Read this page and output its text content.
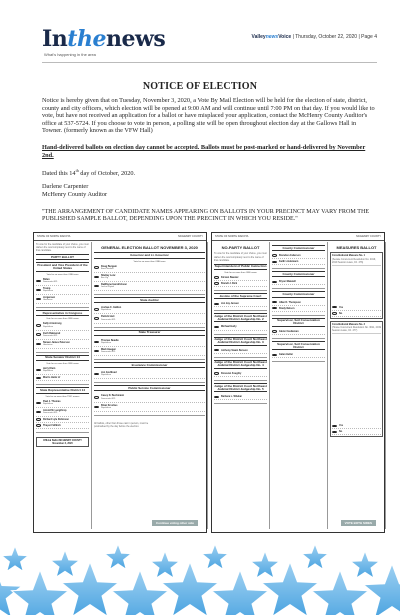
Inthenews
What's happening in the area
ValleynewsVoice | Thursday, October 22, 2020 | Page 4
NOTICE OF ELECTION
Notice is hereby given that on Tuesday, November 3, 2020, a Vote By Mail Election will be held for the election of state, district, county and city officers, which election will be opened at 9:00 AM and will continue until 7:00 PM on that day. If you would like to vote, but have not received an application for a ballot or have misplaced your application, contact the McHenry County Auditor's office at 537-5724. If you choose to vote in person, a polling site will be open throughout election day at the Gallows Hall in Towner. (formerly known as the VFW Hall)
Hand-delivered ballots on election day cannot be accepted. Ballots must be post-marked or hand-delivered by November 2nd.
Dated this 14th day of October, 2020.
Darlene Carpenter
McHenry County Auditor
"THE ARRANGEMENT OF CANDIDATE NAMES APPEARING ON BALLOTS IN YOUR PRECINCT MAY VARY FROM THE PUBLISHED SAMPLE BALLOT, DEPENDING UPON THE PRECINCT IN WHICH YOU RESIDE."
STATE OF NORTH DAKOTA	MCHENRY COUNTY
To vote for the candidate of your choice, you must darken the oval completely next to the name of that candidate.
PARTY BALLOT
President and Vice President of the United States
Vote for no more than ONE team
Biden
Democratic-NPL
Trump
Republican
Jorgensen
Libertarian
Representative in Congress
Vote for no more than ONE name
Kelly Armstrong
Republican
Zach Raknerud
Democratic-NPL
Steven James Peterson
Libertarian
State Senator District 14
Vote for no more than ONE name
Jerry Klein
Republican
Morris Heinz Jr
State Representative District 14
Vote for no more than TWO names
Paul J. Thomas
Republican
Arnold M. Lengthrop
Democratic-NPL
Richard Lyle Robinson
Thayer Fidhlich
Official Ballot MCHENRY COUNTY November 3, 2020
GENERAL ELECTION BALLOT NOVEMBER 3, 2020
Governor and Lt. Governor
Vote for no more than ONE team
Doug Burgum
Brent Sanford
Shelley Lenz
Ben Vig
DuWayne Hendrickson
Joshua Voytek
State Auditor
Joshua C. Gallion
Republican
Patrick Hart
Democratic-NPL
State Treasurer
Thomas Beadle
Republican
Mark Haugen
Democratic-NPL
Insurance Commissioner
Jon Godfread
Republican
Public Service Commissioner
Casey D. Buchmann
Democratic-NPL
Brian Kroshus
Republican
All ballots, other than those cast in person, must be postmarked by the day before the election.
Continue voting other side
STATE OF NORTH DAKOTA	MCHENRY COUNTY
NO-PARTY BALLOT
To vote for the candidate of your choice, you must darken the oval completely next to the name of that candidate.
Superintendent of Public Instruction
Vote for no more than ONE name
Kirsten Baesler
Brandt J. Dick
Justice of the Supreme Court
Jon Jay Jensen
Judge of the District Court Northeast Judicial District Judgeship No. 2
Michael Hurly
Judge of the District Court Northeast Judicial District Judgeship No. 3
Anthony Swain Benson
Judge of the District Court Northeast Judicial District Judgeship No. 4
Donovan Foughty
Judge of the District Court Northeast Judicial District Judgeship No. 5
Barbara L. Whelan
County Commissioner
Brendon Anderson
Keith Lindemann
County Commissioner
Bryon Maxwell
County Commissioner
Allan D. Thompson
Brady Nelson
Supervisor, Soil Conservation District
Glenn Castleman
Supervisor, Soil Conservation District
Galen Heller
MEASURES BALLOT
Constitutional Measure No. 1
(Senate Concurrent Resolution No. 4019, 2019 Session Laws, Ch. 476)
Yes
No
Constitutional Measure No. 2
(House Concurrent Resolution No. 3011, 2019 Session Laws, Ch. 477)
Yes
No
VOTE BOTH SIDES
